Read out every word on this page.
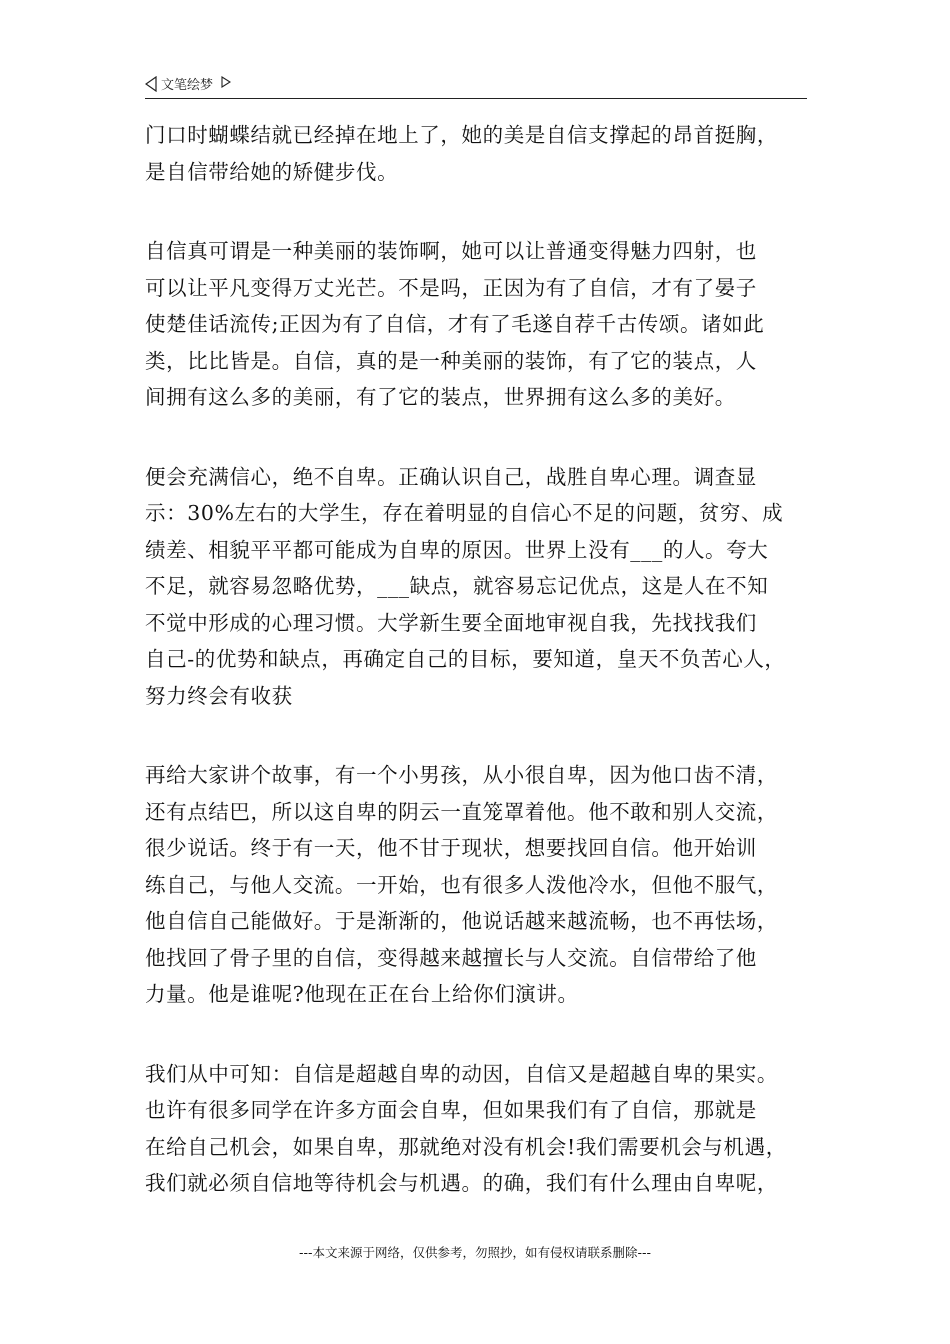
文笔绘梦
门口时蝴蝶结就已经掉在地上了，她的美是自信支撑起的昂首挺胸，
是自信带给她的矫健步伐。
自信真可谓是一种美丽的装饰啊，她可以让普通变得魅力四射，也
可以让平凡变得万丈光芒。不是吗，正因为有了自信，才有了晏子
使楚佳话流传;正因为有了自信，才有了毛遂自荐千古传颂。诸如此
类，比比皆是。自信，真的是一种美丽的装饰，有了它的装点，人
间拥有这么多的美丽，有了它的装点，世界拥有这么多的美好。
便会充满信心，绝不自卑。正确认识自己，战胜自卑心理。调查显
示：30%左右的大学生，存在着明显的自信心不足的问题，贫穷、成
绩差、相貌平平都可能成为自卑的原因。世界上没有___的人。夸大
不足，就容易忽略优势，___缺点，就容易忘记优点，这是人在不知
不觉中形成的心理习惯。大学新生要全面地审视自我，先找找我们
自己-的优势和缺点，再确定自己的目标，要知道，皇天不负苦心人，
努力终会有收获
再给大家讲个故事，有一个小男孩，从小很自卑，因为他口齿不清，
还有点结巴，所以这自卑的阴云一直笼罩着他。他不敢和别人交流，
很少说话。终于有一天，他不甘于现状，想要找回自信。他开始训
练自己，与他人交流。一开始，也有很多人泼他冷水，但他不服气，
他自信自己能做好。于是渐渐的，他说话越来越流畅，也不再怯场，
他找回了骨子里的自信，变得越来越擅长与人交流。自信带给了他
力量。他是谁呢?他现在正在台上给你们演讲。
我们从中可知：自信是超越自卑的动因，自信又是超越自卑的果实。
也许有很多同学在许多方面会自卑，但如果我们有了自信，那就是
在给自己机会，如果自卑，那就绝对没有机会!我们需要机会与机遇，
我们就必须自信地等待机会与机遇。的确，我们有什么理由自卑呢，
---本文来源于网络，仅供参考，勿照抄，如有侵权请联系删除---
